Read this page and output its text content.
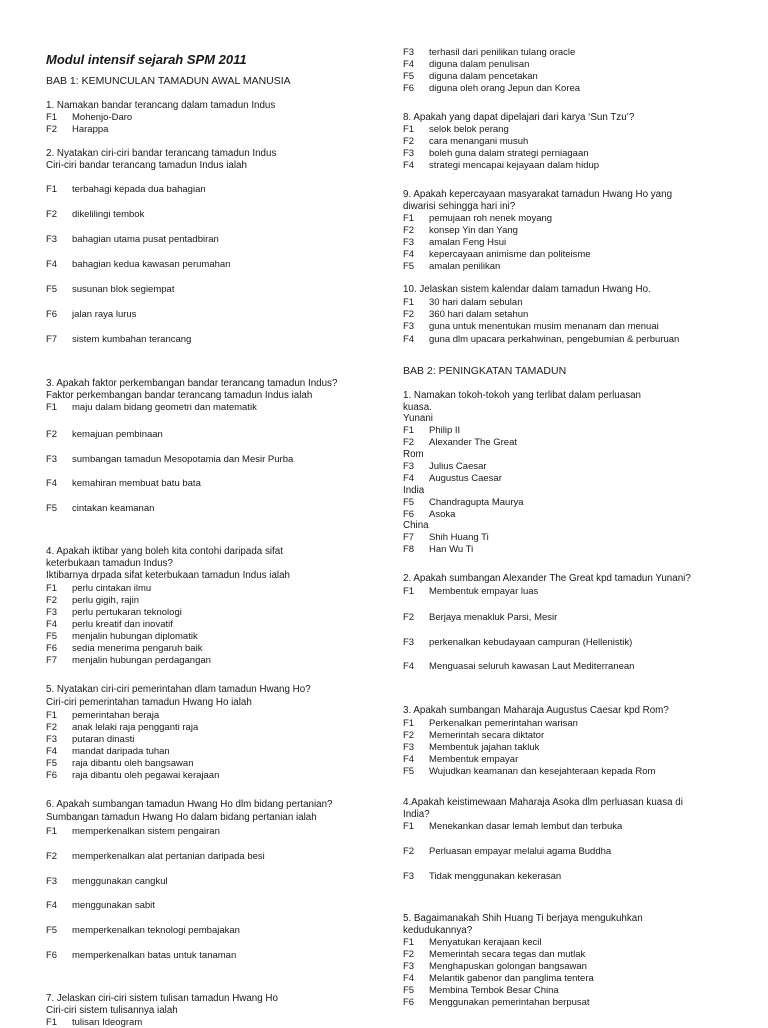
Modul intensif sejarah SPM 2011
BAB 1: KEMUNCULAN TAMADUN AWAL MANUSIA
1. Namakan bandar terancang dalam tamadun Indus
F1 Mohenjo-Daro
F2 Harappa
2. Nyatakan ciri-ciri bandar terancang tamadun Indus
Ciri-ciri bandar terancang tamadun Indus ialah
F1 terbahagi kepada dua bahagian
F2 dikelilingi tembok
F3 bahagian utama pusat pentadbiran
F4 bahagian kedua kawasan perumahan
F5 susunan blok segiempat
F6 jalan raya lurus
F7 sistem kumbahan terancang
3. Apakah faktor perkembangan bandar terancang tamadun Indus?
Faktor perkembangan bandar terancang tamadun Indus ialah
F1 maju dalam bidang geometri dan matematik
F2 kemajuan pembinaan
F3 sumbangan tamadun Mesopotamia dan Mesir Purba
F4 kemahiran membuat batu bata
F5 cintakan keamanan
4. Apakah iktibar yang boleh kita contohi daripada sifat
keterbukaan tamadun Indus?
Iktibarnya drpada sifat keterbukaan tamadun Indus ialah
F1 perlu cintakan ilmu
F2 perlu gigih, rajin
F3 perlu pertukaran teknologi
F4 perlu kreatif dan inovatif
F5 menjalin hubungan diplomatik
F6 sedia menerima pengaruh baik
F7 menjalin hubungan perdagangan
5. Nyatakan ciri-ciri pemerintahan dlam tamadun Hwang Ho?
Ciri-ciri pemerintahan tamadun Hwang Ho ialah
F1 pemerintahan beraja
F2 anak lelaki raja pengganti raja
F3 putaran dinasti
F4 mandat daripada tuhan
F5 raja dibantu oleh bangsawan
F6 raja dibantu oleh pegawai kerajaan
6. Apakah sumbangan tamadun Hwang Ho dlm bidang pertanian?
Sumbangan tamadun Hwang Ho dalam bidang pertanian ialah
F1 memperkenalkan sistem pengairan
F2 memperkenalkan alat pertanian daripada besi
F3 menggunakan cangkul
F4 menggunakan sabit
F5 memperkenalkan teknologi pembajakan
F6 memperkenalkan batas untuk tanaman
7. Jelaskan ciri-ciri sistem tulisan tamadun Hwang Ho
Ciri-ciri sistem tulisannya ialah
F1 tulisan Ideogram
F3 terhasil dari penilikan tulang oracle
F4 diguna dalam penulisan
F5 diguna dalam pencetakan
F6 diguna oleh orang Jepun dan Korea
8. Apakah yang dapat dipelajari dari karya ‘Sun Tzu’?
F1 selok belok perang
F2 cara menangani musuh
F3 boleh guna dalam strategi perniagaan
F4 strategi mencapai kejayaan dalam hidup
9. Apakah kepercayaan masyarakat tamadun Hwang Ho yang
diwarisi sehingga hari ini?
F1 pemujaan roh nenek moyang
F2 konsep Yin dan Yang
F3 amalan Feng Hsui
F4 kepercayaan animisme dan politeisme
F5 amalan penilikan
10. Jelaskan sistem kalendar dalam tamadun Hwang Ho.
F1 30 hari dalam sebulan
F2 360 hari dalam setahun
F3 guna untuk menentukan musim menanam dan menuai
F4 guna dlm upacara perkahwinan, pengebumian & perburuan
BAB 2: PENINGKATAN TAMADUN
1. Namakan tokoh-tokoh yang terlibat dalam perluasan
kuasa.
Yunani
F1 Philip II
F2 Alexander The Great
Rom
F3 Julius Caesar
F4 Augustus Caesar
India
F5 Chandragupta Maurya
F6 Asoka
China
F7 Shih Huang Ti
F8 Han Wu Ti
2. Apakah sumbangan Alexander The Great kpd tamadun Yunani?
F1 Membentuk empayar luas
F2 Berjaya menakluk Parsi, Mesir
F3 perkenalkan kebudayaan campuran (Hellenistik)
F4 Menguasai seluruh kawasan Laut Mediterranean
3. Apakah sumbangan Maharaja Augustus Caesar kpd Rom?
F1 Perkenalkan pemerintahan warisan
F2 Memerintah secara diktator
F3 Membentuk jajahan takluk
F4 Membentuk empayar
F5 Wujudkan keamanan dan kesejahteraan kepada Rom
4.Apakah keistimewaan Maharaja Asoka dlm perluasan kuasa di
India?
F1 Menekankan dasar lemah lembut dan terbuka
F2 Perluasan empayar melalui agama Buddha
F3 Tidak menggunakan kekerasan
5. Bagaimanakah Shih Huang Ti berjaya mengukuhkan
kedudukannya?
F1 Menyatukan kerajaan kecil
F2 Memerintah secara tegas dan mutlak
F3 Menghapuskan golongan bangsawan
F4 Melantik gabenor dan panglima tentera
F5 Membina Tembok Besar China
F6 Menggunakan pemerintahan berpusat
